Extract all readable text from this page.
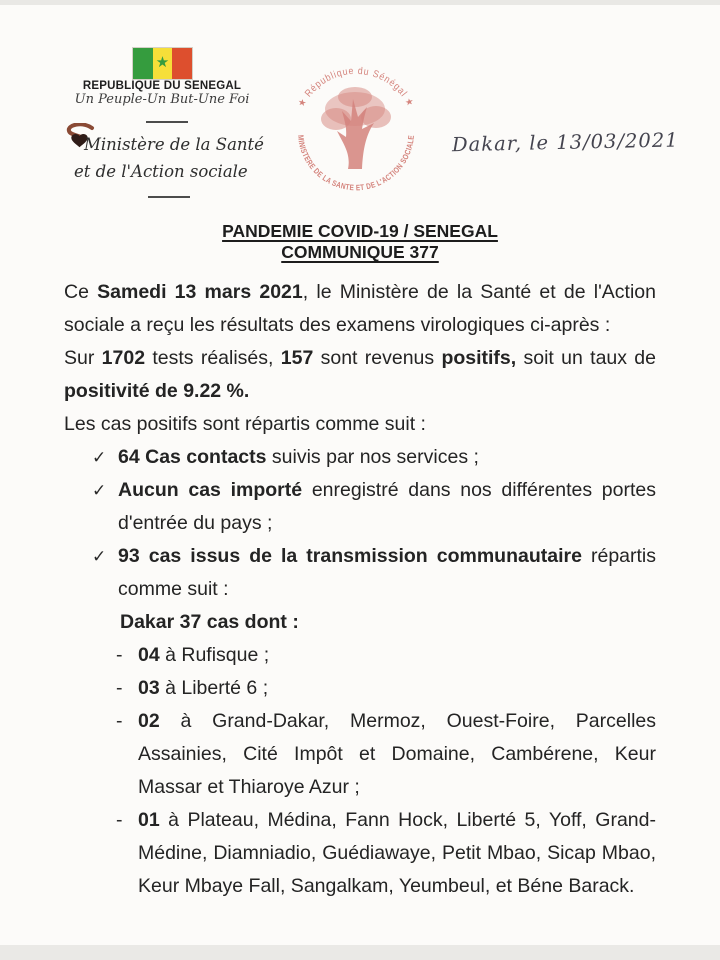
★
REPUBLIQUE DU SENEGAL
Un Peuple-Un But-Une Foi
Ministère de la Santé
et de l'Action sociale
★ République du Sénégal ★
MINISTERE DE LA SANTE ET DE L'ACTION SOCIALE Dakar, le 13/03/2021
PANDEMIE COVID-19 / SENEGAL
COMMUNIQUE 377

Ce Samedi 13 mars 2021, le Ministère de la Santé et de l'Action sociale a reçu les résultats des examens virologiques ci-après :

Sur 1702 tests réalisés, 157 sont revenus positifs, soit un taux de positivité de 9.22 %.

Les cas positifs sont répartis comme suit :

✓ 64 Cas contacts suivis par nos services ;
✓ Aucun cas importé enregistré dans nos différentes portes d'entrée du pays ;
✓ 93 cas issus de la transmission communautaire répartis comme suit :

Dakar 37 cas dont :

- 04 à Rufisque ;
- 03 à Liberté 6 ;
- 02 à Grand-Dakar, Mermoz, Ouest-Foire, Parcelles Assainies, Cité Impôt et Domaine, Cambérene, Keur Massar et Thiaroye Azur ;
- 01 à Plateau, Médina, Fann Hock, Liberté 5, Yoff, Grand-Médine, Diamniadio, Guédiawaye, Petit Mbao, Sicap Mbao, Keur Mbaye Fall, Sangalkam, Yeumbeul, et Béne Barack.
